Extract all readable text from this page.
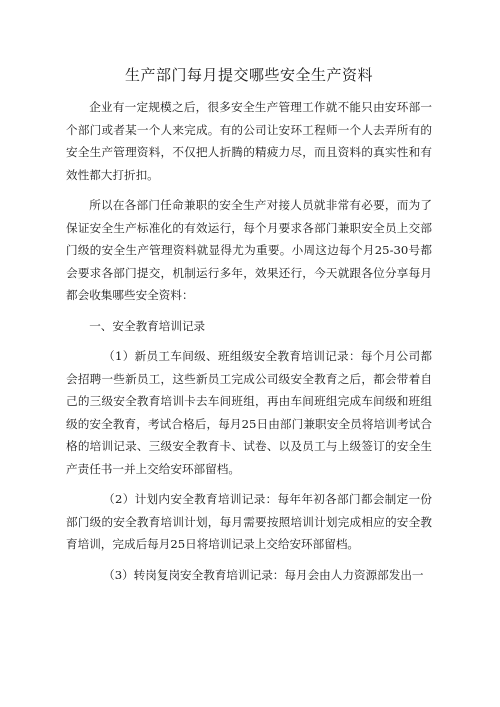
生产部门每月提交哪些安全生产资料

企业有一定规模之后，很多安全生产管理工作就不能只由安环部一个部门或者某一个人来完成。有的公司让安环工程师一个人去弄所有的安全生产管理资料，不仅把人折腾的精疲力尽，而且资料的真实性和有效性都大打折扣。

所以在各部门任命兼职的安全生产对接人员就非常有必要，而为了保证安全生产标准化的有效运行，每个月要求各部门兼职安全员上交部门级的安全生产管理资料就显得尤为重要。小周这边每个月25-30号都会要求各部门提交，机制运行多年，效果还行，今天就跟各位分享每月都会收集哪些安全资料：

一、安全教育培训记录

（1）新员工车间级、班组级安全教育培训记录：每个月公司都会招聘一些新员工，这些新员工完成公司级安全教育之后，都会带着自己的三级安全教育培训卡去车间班组，再由车间班组完成车间级和班组级的安全教育，考试合格后，每月25日由部门兼职安全员将培训考试合格的培训记录、三级安全教育卡、试卷、以及员工与上级签订的安全生产责任书一并上交给安环部留档。

（2）计划内安全教育培训记录：每年年初各部门都会制定一份部门级的安全教育培训计划，每月需要按照培训计划完成相应的安全教育培训，完成后每月25日将培训记录上交给安环部留档。

（3）转岗复岗安全教育培训记录：每月会由人力资源部发出一
